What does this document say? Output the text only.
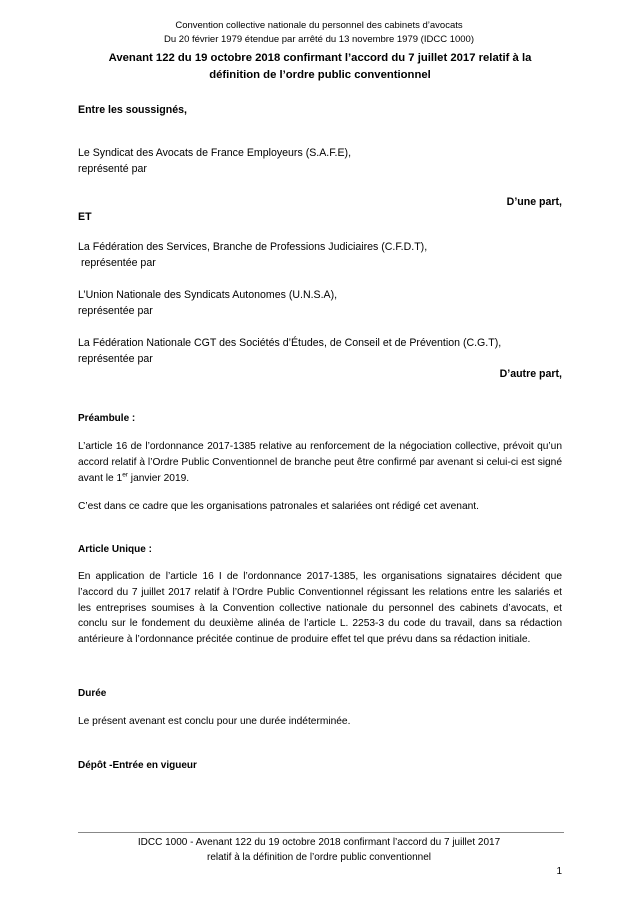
Convention collective nationale du personnel des cabinets d’avocats
Du 20 février 1979 étendue par arrêté du 13 novembre 1979 (IDCC 1000)
Avenant 122 du 19 octobre 2018 confirmant l’accord du 7 juillet 2017 relatif à la
définition de l’ordre public conventionnel
Entre les soussignés,
Le Syndicat des Avocats de France Employeurs (S.A.F.E),
représenté par
D’une part,
ET
La Fédération des Services, Branche de Professions Judiciaires (C.F.D.T),
représentée par
L’Union Nationale des Syndicats Autonomes (U.N.S.A),
représentée par
La Fédération Nationale CGT des Sociétés d’Études, de Conseil et de Prévention (C.G.T),
représentée par
D’autre part,
Préambule :
L’article 16 de l’ordonnance 2017-1385 relative au renforcement de la négociation collective, prévoit qu’un accord relatif à l’Ordre Public Conventionnel de branche peut être confirmé par avenant si celui-ci est signé avant le 1er janvier 2019.
C’est dans ce cadre que les organisations patronales et salariées ont rédigé cet avenant.
Article Unique :
En application de l’article 16 I de l’ordonnance 2017-1385, les organisations signataires décident que l’accord du 7 juillet 2017 relatif à l’Ordre Public Conventionnel régissant les relations entre les salariés et les entreprises soumises à la Convention collective nationale du personnel des cabinets d’avocats, et conclu sur le fondement du deuxième alinéa de l’article L. 2253-3 du code du travail, dans sa rédaction antérieure à l’ordonnance précitée continue de produire effet tel que prévu dans sa rédaction initiale.
Durée
Le présent avenant est conclu pour une durée indéterminée.
Dépôt -Entrée en vigueur
IDCC 1000 - Avenant 122 du 19 octobre 2018 confirmant l’accord du 7 juillet 2017
relatif à la définition de l’ordre public conventionnel
1
